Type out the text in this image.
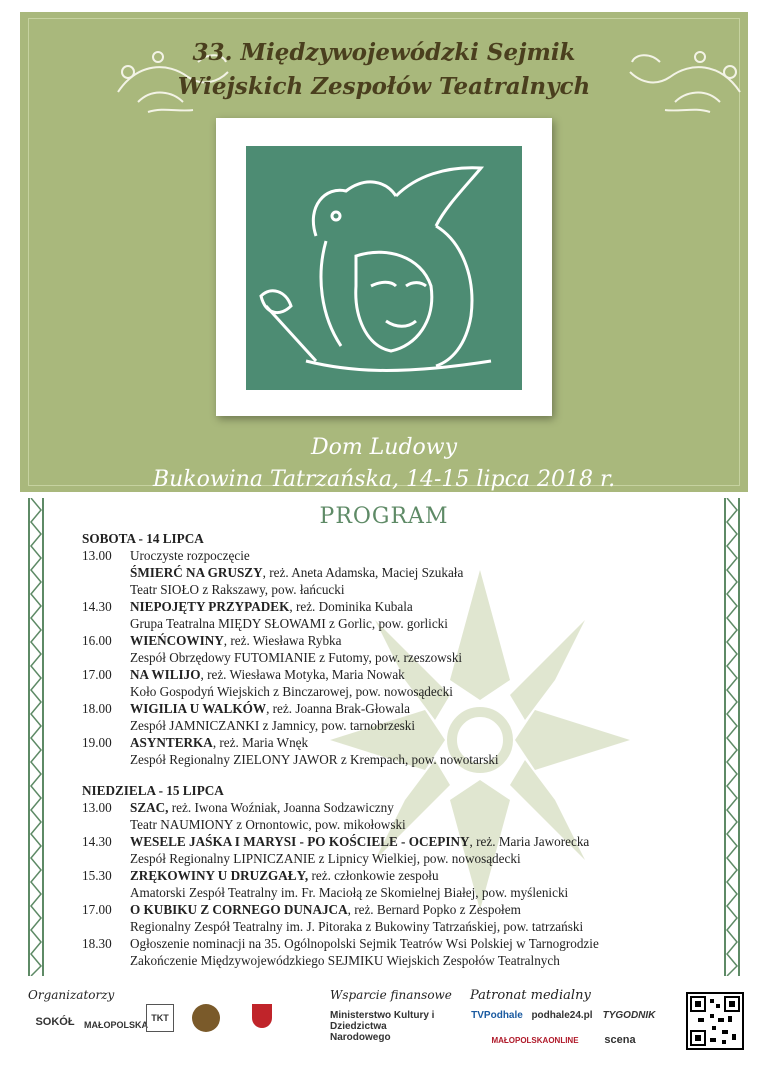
33. Międzywojewódzki Sejmik
Wiejskich Zespołów Teatralnych
Dom Ludowy
Bukowina Tatrzańska, 14-15 lipca 2018 r.
PROGRAM
SOBOTA - 14 LIPCA
13.00	Uroczyste rozpoczęcie
ŚMIERĆ NA GRUSZY, reż. Aneta Adamska, Maciej Szukała
Teatr SIOŁO z Rakszawy, pow. łańcucki
14.30	NIEPOJĘTY PRZYPADEK, reż. Dominika Kubala
Grupa Teatralna MIĘDY SŁOWAMI z Gorlic, pow. gorlicki
16.00	WIEŃCOWINY, reż. Wiesława Rybka
Zespół Obrzędowy FUTOMIANIE z Futomy, pow. rzeszowski
17.00	NA WILIJO, reż. Wiesława Motyka, Maria Nowak
Koło Gospodyń Wiejskich z Binczarowej, pow. nowosądecki
18.00	WIGILIA U WALKÓW, reż. Joanna Brak-Głowala
Zespół JAMNICZANKI z Jamnicy, pow. tarnobrzeski
19.00	ASYNTERKA, reż. Maria Wnęk
Zespół Regionalny ZIELONY JAWOR z Krempach, pow. nowotarski
NIEDZIELA - 15 LIPCA
13.00	SZAC, reż. Iwona Woźniak, Joanna Sodzawiczny
Teatr NAUMIONY z Ornontowic, pow. mikołowski
14.30	WESELE JAŚKA I MARYSI - PO KOŚCIELE - OCEPINY, reż. Maria Jaworecka
Zespół Regionalny LIPNICZANIE z Lipnicy Wielkiej, pow. nowosądecki
15.30	ZRĘKOWINY U DRUZGAŁY, reż. członkowie zespołu
Amatorski Zespół Teatralny im. Fr. Maciołą ze Skomielnej Białej, pow. myślenicki
17.00	O KUBIKU Z CORNEGO DUNAJCA, reż. Bernard Popko z Zespołem
Regionalny Zespół Teatralny im. J. Pitoraka z Bukowiny Tatrzańskiej, pow. tatrzański
18.30	Ogłoszenie nominacji na 35. Ogólnopolski Sejmik Teatrów Wsi Polskiej w Tarnogrodzie
Zakończenie Międzywojewódzkiego SEJMIKU Wiejskich Zespołów Teatralnych
Organizatorzy	Wsparcie finansowe Patronat medialny
SOKÓŁ	MAŁOPOLSKA
TKT	Ministerstwo Kultury i Dziedzictwa Narodowego
TVPodhale podhale24.pl	TYGODNIK
MAŁOPOLSKAONLINE	scena
